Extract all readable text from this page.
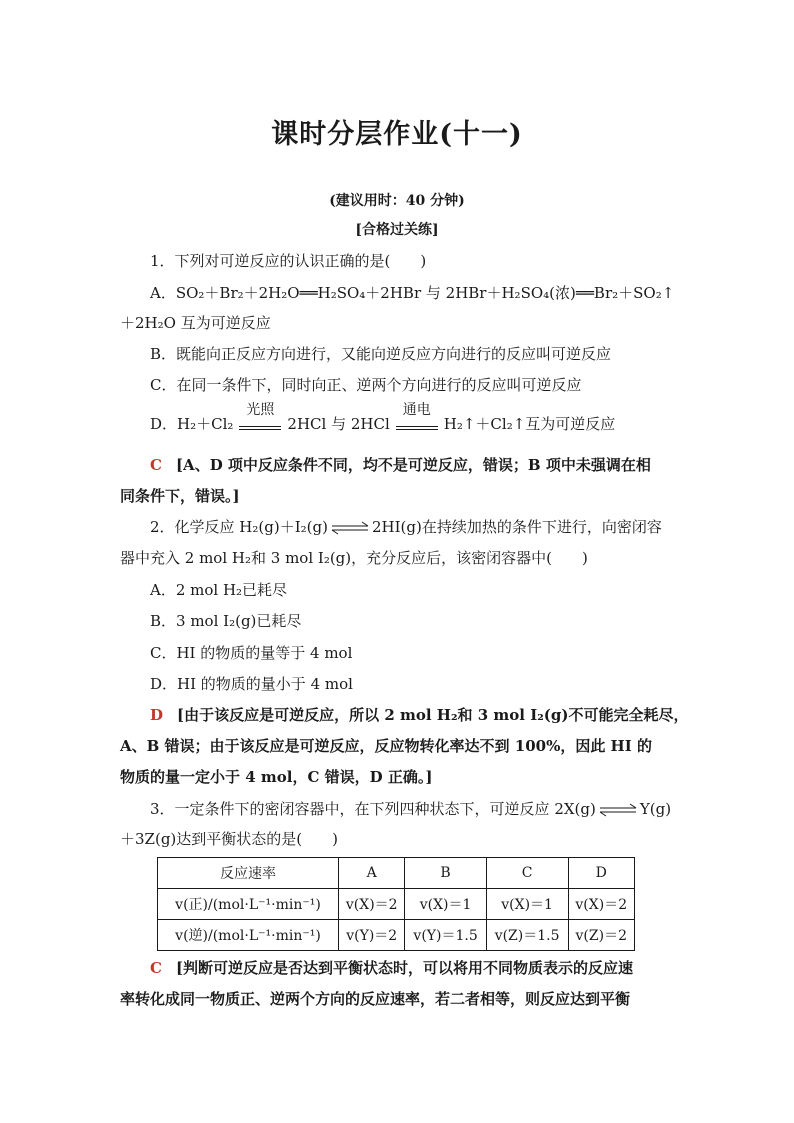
课时分层作业(十一)
(建议用时：40 分钟)
[合格过关练]
1．下列对可逆反应的认识正确的是(　　)
A．SO₂＋Br₂＋2H₂O══H₂SO₄＋2HBr 与 2HBr＋H₂SO₄(浓)══Br₂＋SO₂↑
＋2H₂O 互为可逆反应
B．既能向正反应方向进行，又能向逆反应方向进行的反应叫可逆反应
C．在同一条件下，同时向正、逆两个方向进行的反应叫可逆反应
D．H₂＋Cl₂
光照
2HCl 与 2HCl
通电
H₂↑＋Cl₂↑互为可逆反应
C [A、D 项中反应条件不同，均不是可逆反应，错误；B 项中未强调在相
同条件下，错误。]
2．化学反应 H₂(g)＋I₂(g) ⇌ 2HI(g)在持续加热的条件下进行，向密闭容
器中充入 2 mol H₂和 3 mol I₂(g)，充分反应后，该密闭容器中(　　)
A．2 mol H₂已耗尽
B．3 mol I₂(g)已耗尽
C．HI 的物质的量等于 4 mol
D．HI 的物质的量小于 4 mol
D [由于该反应是可逆反应，所以 2 mol H₂和 3 mol I₂(g)不可能完全耗尽，
A、B 错误；由于该反应是可逆反应，反应物转化率达不到 100%，因此 HI 的
物质的量一定小于 4 mol，C 错误，D 正确。]
3．一定条件下的密闭容器中，在下列四种状态下，可逆反应 2X(g) ⇌ Y(g)
＋3Z(g)达到平衡状态的是(　　)
反应速率	A	B	C	D
v(正)/(mol·L⁻¹·min⁻¹)	v(X)＝2	v(X)＝1	v(X)＝1	v(X)＝2
v(逆)/(mol·L⁻¹·min⁻¹)	v(Y)＝2	v(Y)＝1.5	v(Z)＝1.5	v(Z)＝2
C [判断可逆反应是否达到平衡状态时，可以将用不同物质表示的反应速
率转化成同一物质正、逆两个方向的反应速率，若二者相等，则反应达到平衡
